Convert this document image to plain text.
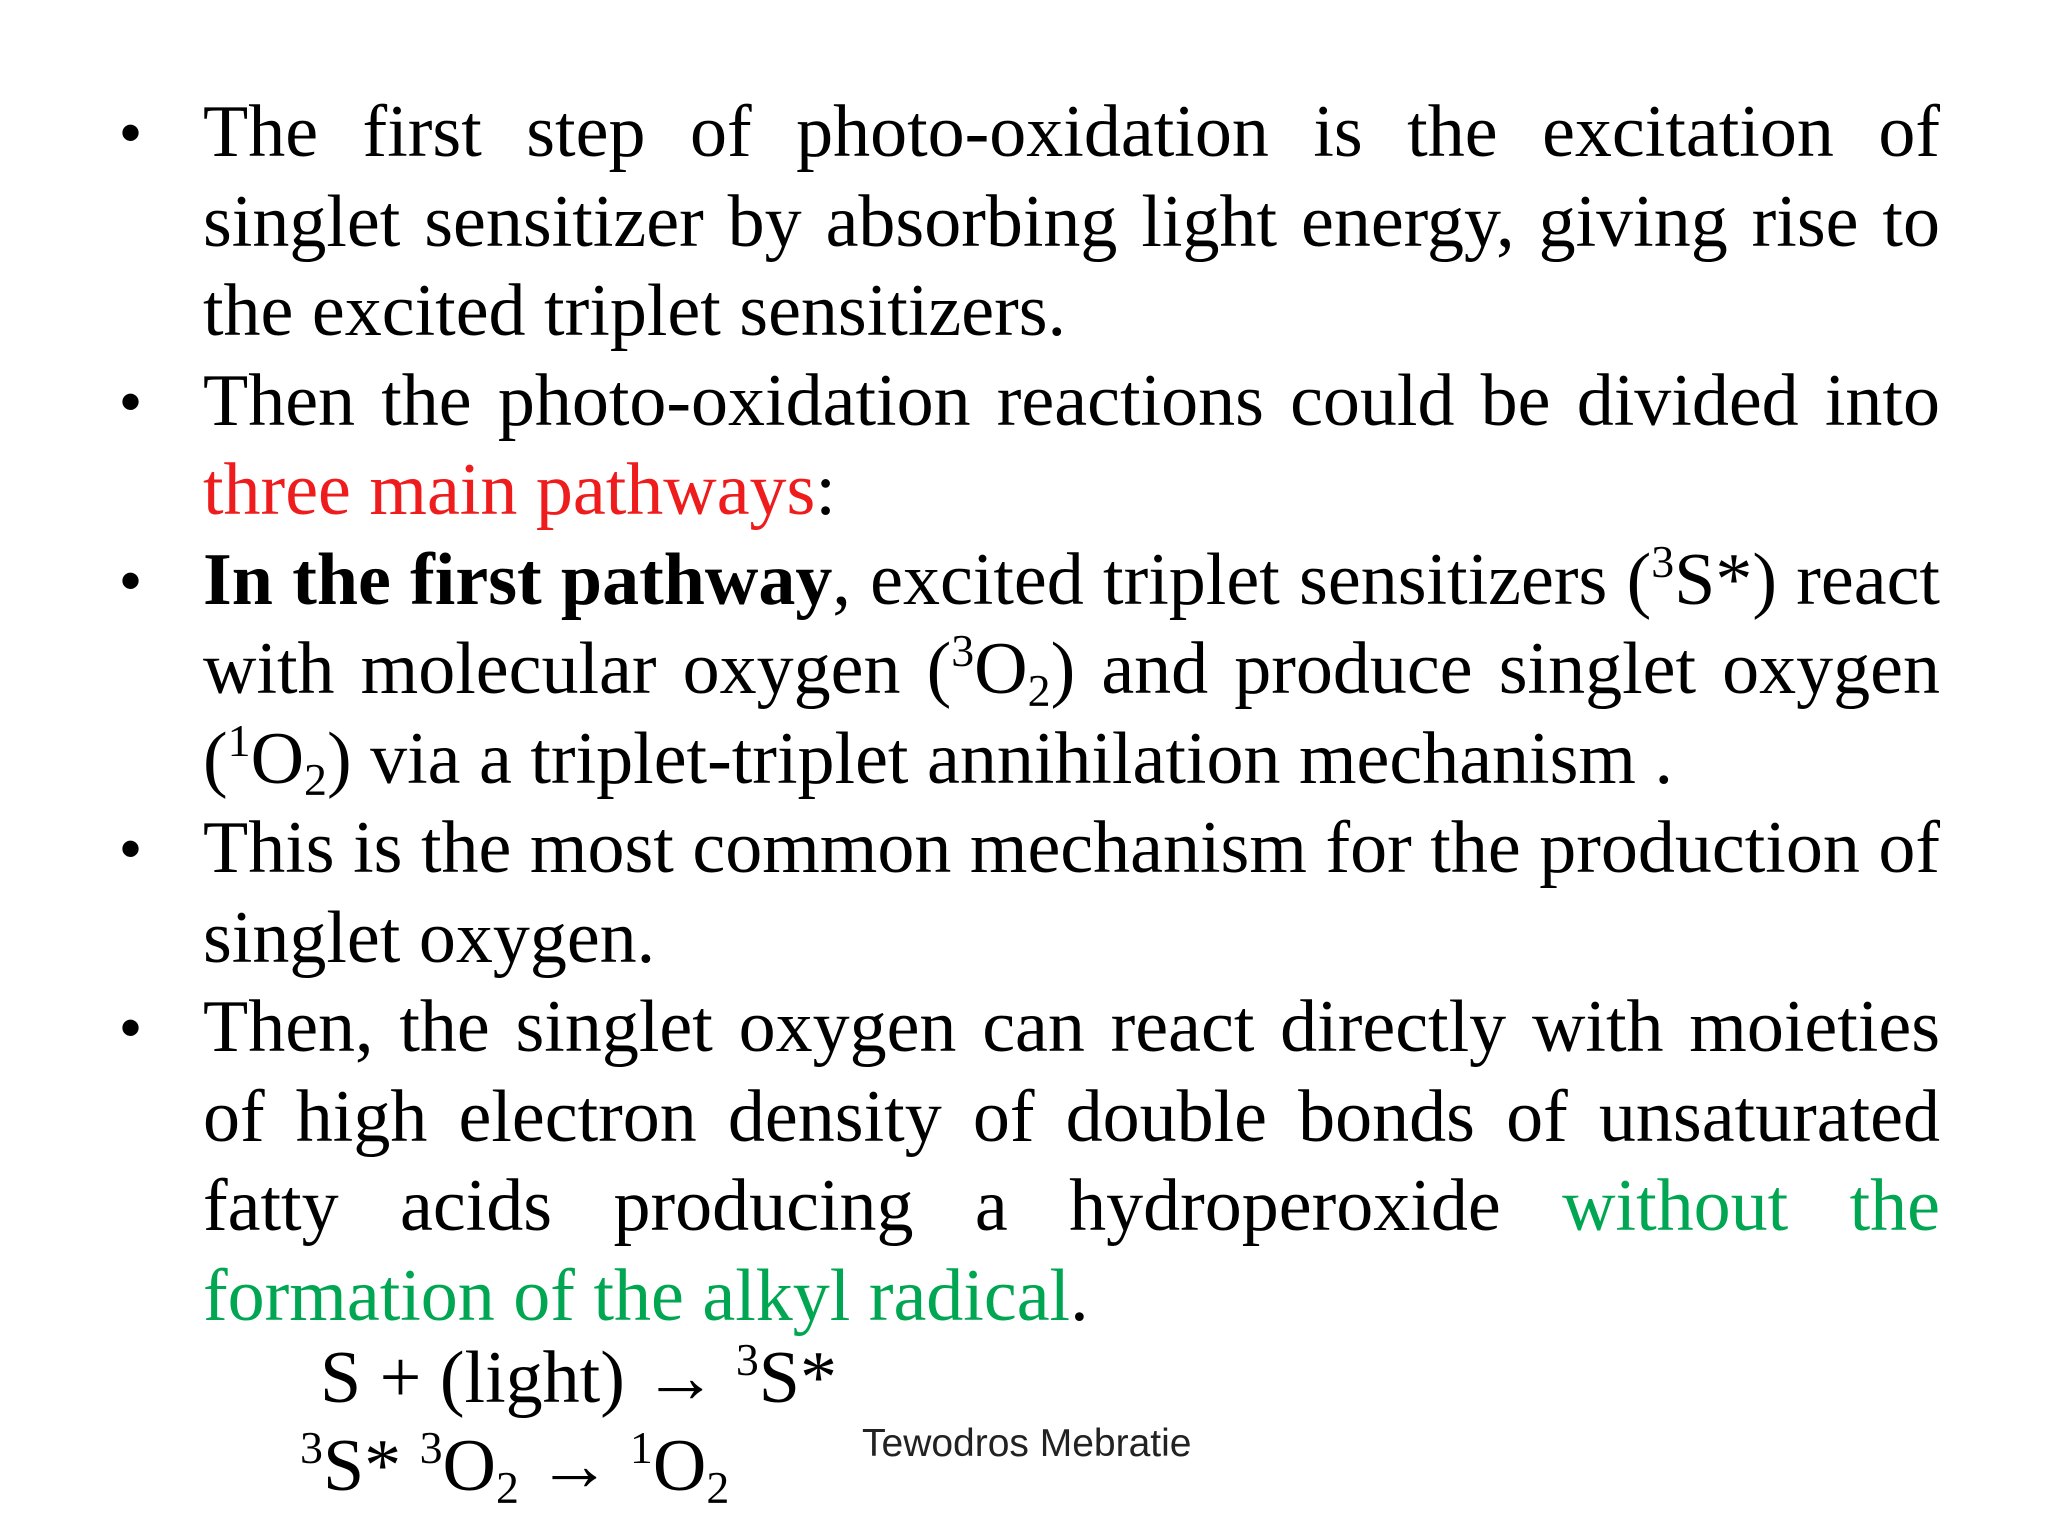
• The first step of photo-oxidation is the excitation of singlet sensitizer by absorbing light energy, giving rise to the excited triplet sensitizers.
• Then the photo-oxidation reactions could be divided into three main pathways:
• In the first pathway, excited triplet sensitizers ($^3$S*) react with molecular oxygen $(^3O_2)$ and produce singlet oxygen $(^1O_2)$ via a triplet-triplet annihilation mechanism .
• This is the most common mechanism for the production of singlet oxygen.
• Then, the singlet oxygen can react directly with moieties of high electron density of double bonds of unsaturated fatty acids producing a hydroperoxide without the formation of the alkyl radical.
S + (light) → $^3$S*
$^3$S* $^3O_2 \to ^1O_2$
Tewodros Mebratie
